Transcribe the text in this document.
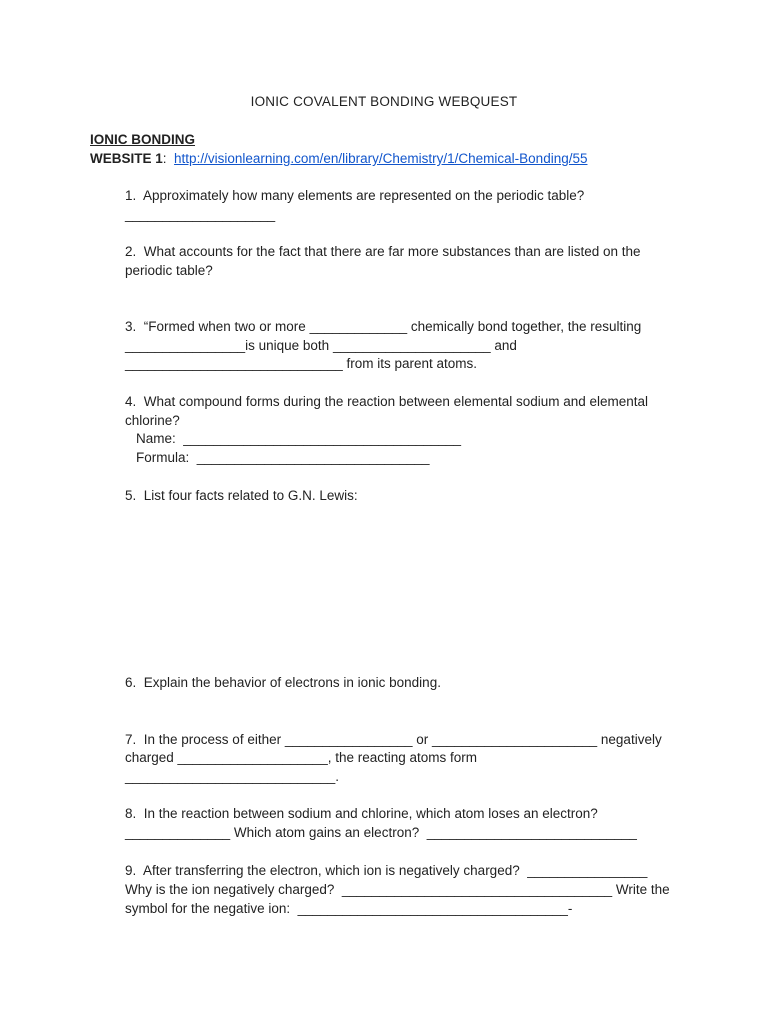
IONIC COVALENT BONDING WEBQUEST
IONIC BONDING
WEBSITE 1: http://visionlearning.com/en/library/Chemistry/1/Chemical-Bonding/55
1.  Approximately how many elements are represented on the periodic table?
____________________
2.  What accounts for the fact that there are far more substances than are listed on the
periodic table?
3.  “Formed when two or more _____________ chemically bond together, the resulting
________________is unique both _____________________ and
_____________________________ from its parent atoms.
4.  What compound forms during the reaction between elemental sodium and elemental
chlorine?
Name:  _____________________________________
Formula:  _______________________________
5.  List four facts related to G.N. Lewis:
6.  Explain the behavior of electrons in ionic bonding.
7.  In the process of either _________________ or ______________________ negatively
charged ____________________, the reacting atoms form
____________________________.
8.  In the reaction between sodium and chlorine, which atom loses an electron?
______________ Which atom gains an electron?  ____________________________
9.  After transferring the electron, which ion is negatively charged?  ________________
Why is the ion negatively charged?  ____________________________________ Write the
symbol for the negative ion:  ____________________________________-
